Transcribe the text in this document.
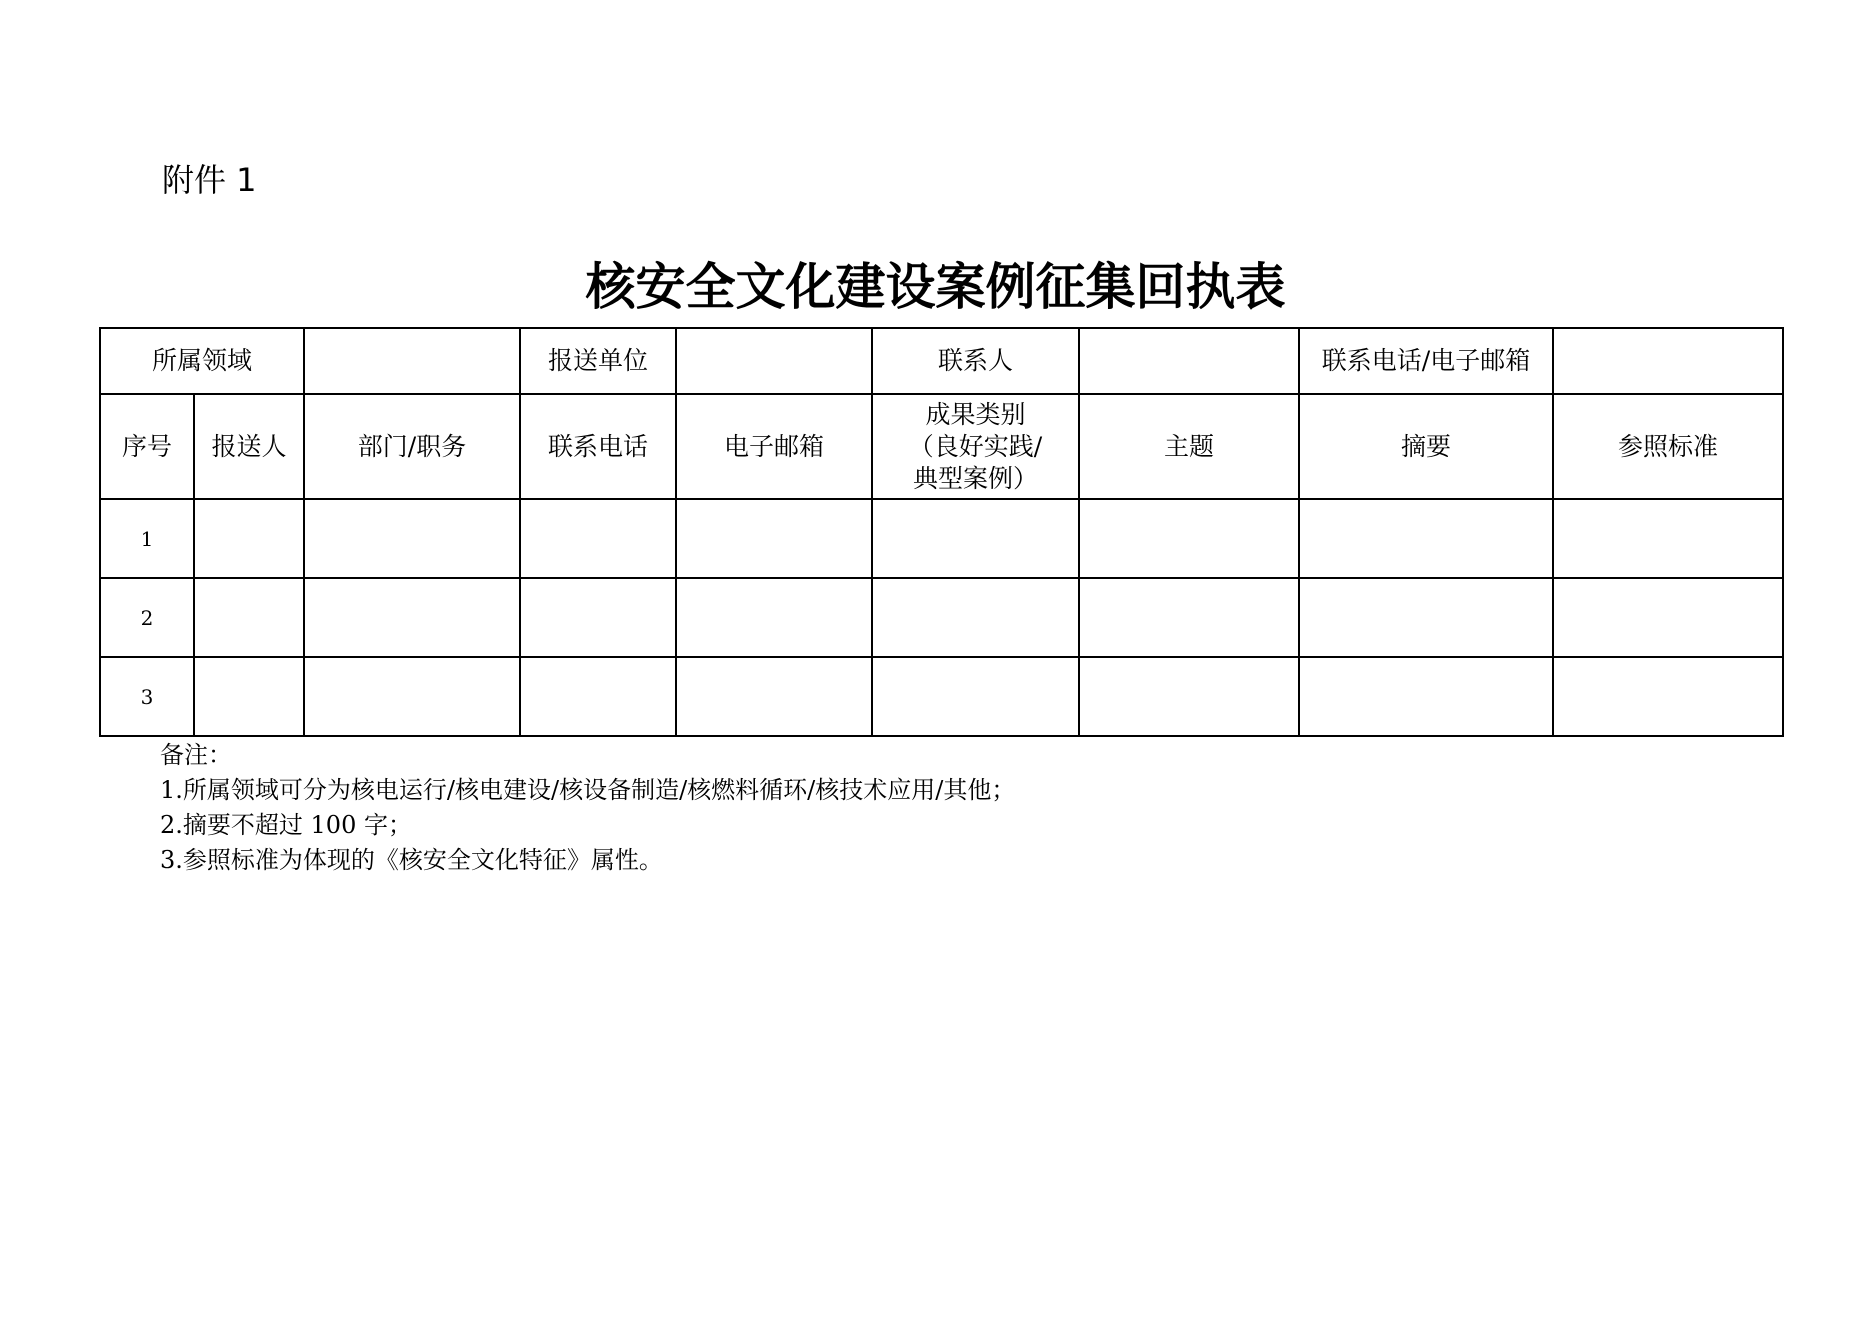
附件 1
核安全文化建设案例征集回执表
所属领域			报送单位		联系人		联系电话/电子邮箱	
序号	报送人	部门/职务	联系电话	电子邮箱	成果类别
（良好实践/
典型案例）	主题	摘要	参照标准
1								
2								
3								
备注：
1.所属领域可分为核电运行/核电建设/核设备制造/核燃料循环/核技术应用/其他；
2.摘要不超过 100 字；
3.参照标准为体现的《核安全文化特征》属性。
